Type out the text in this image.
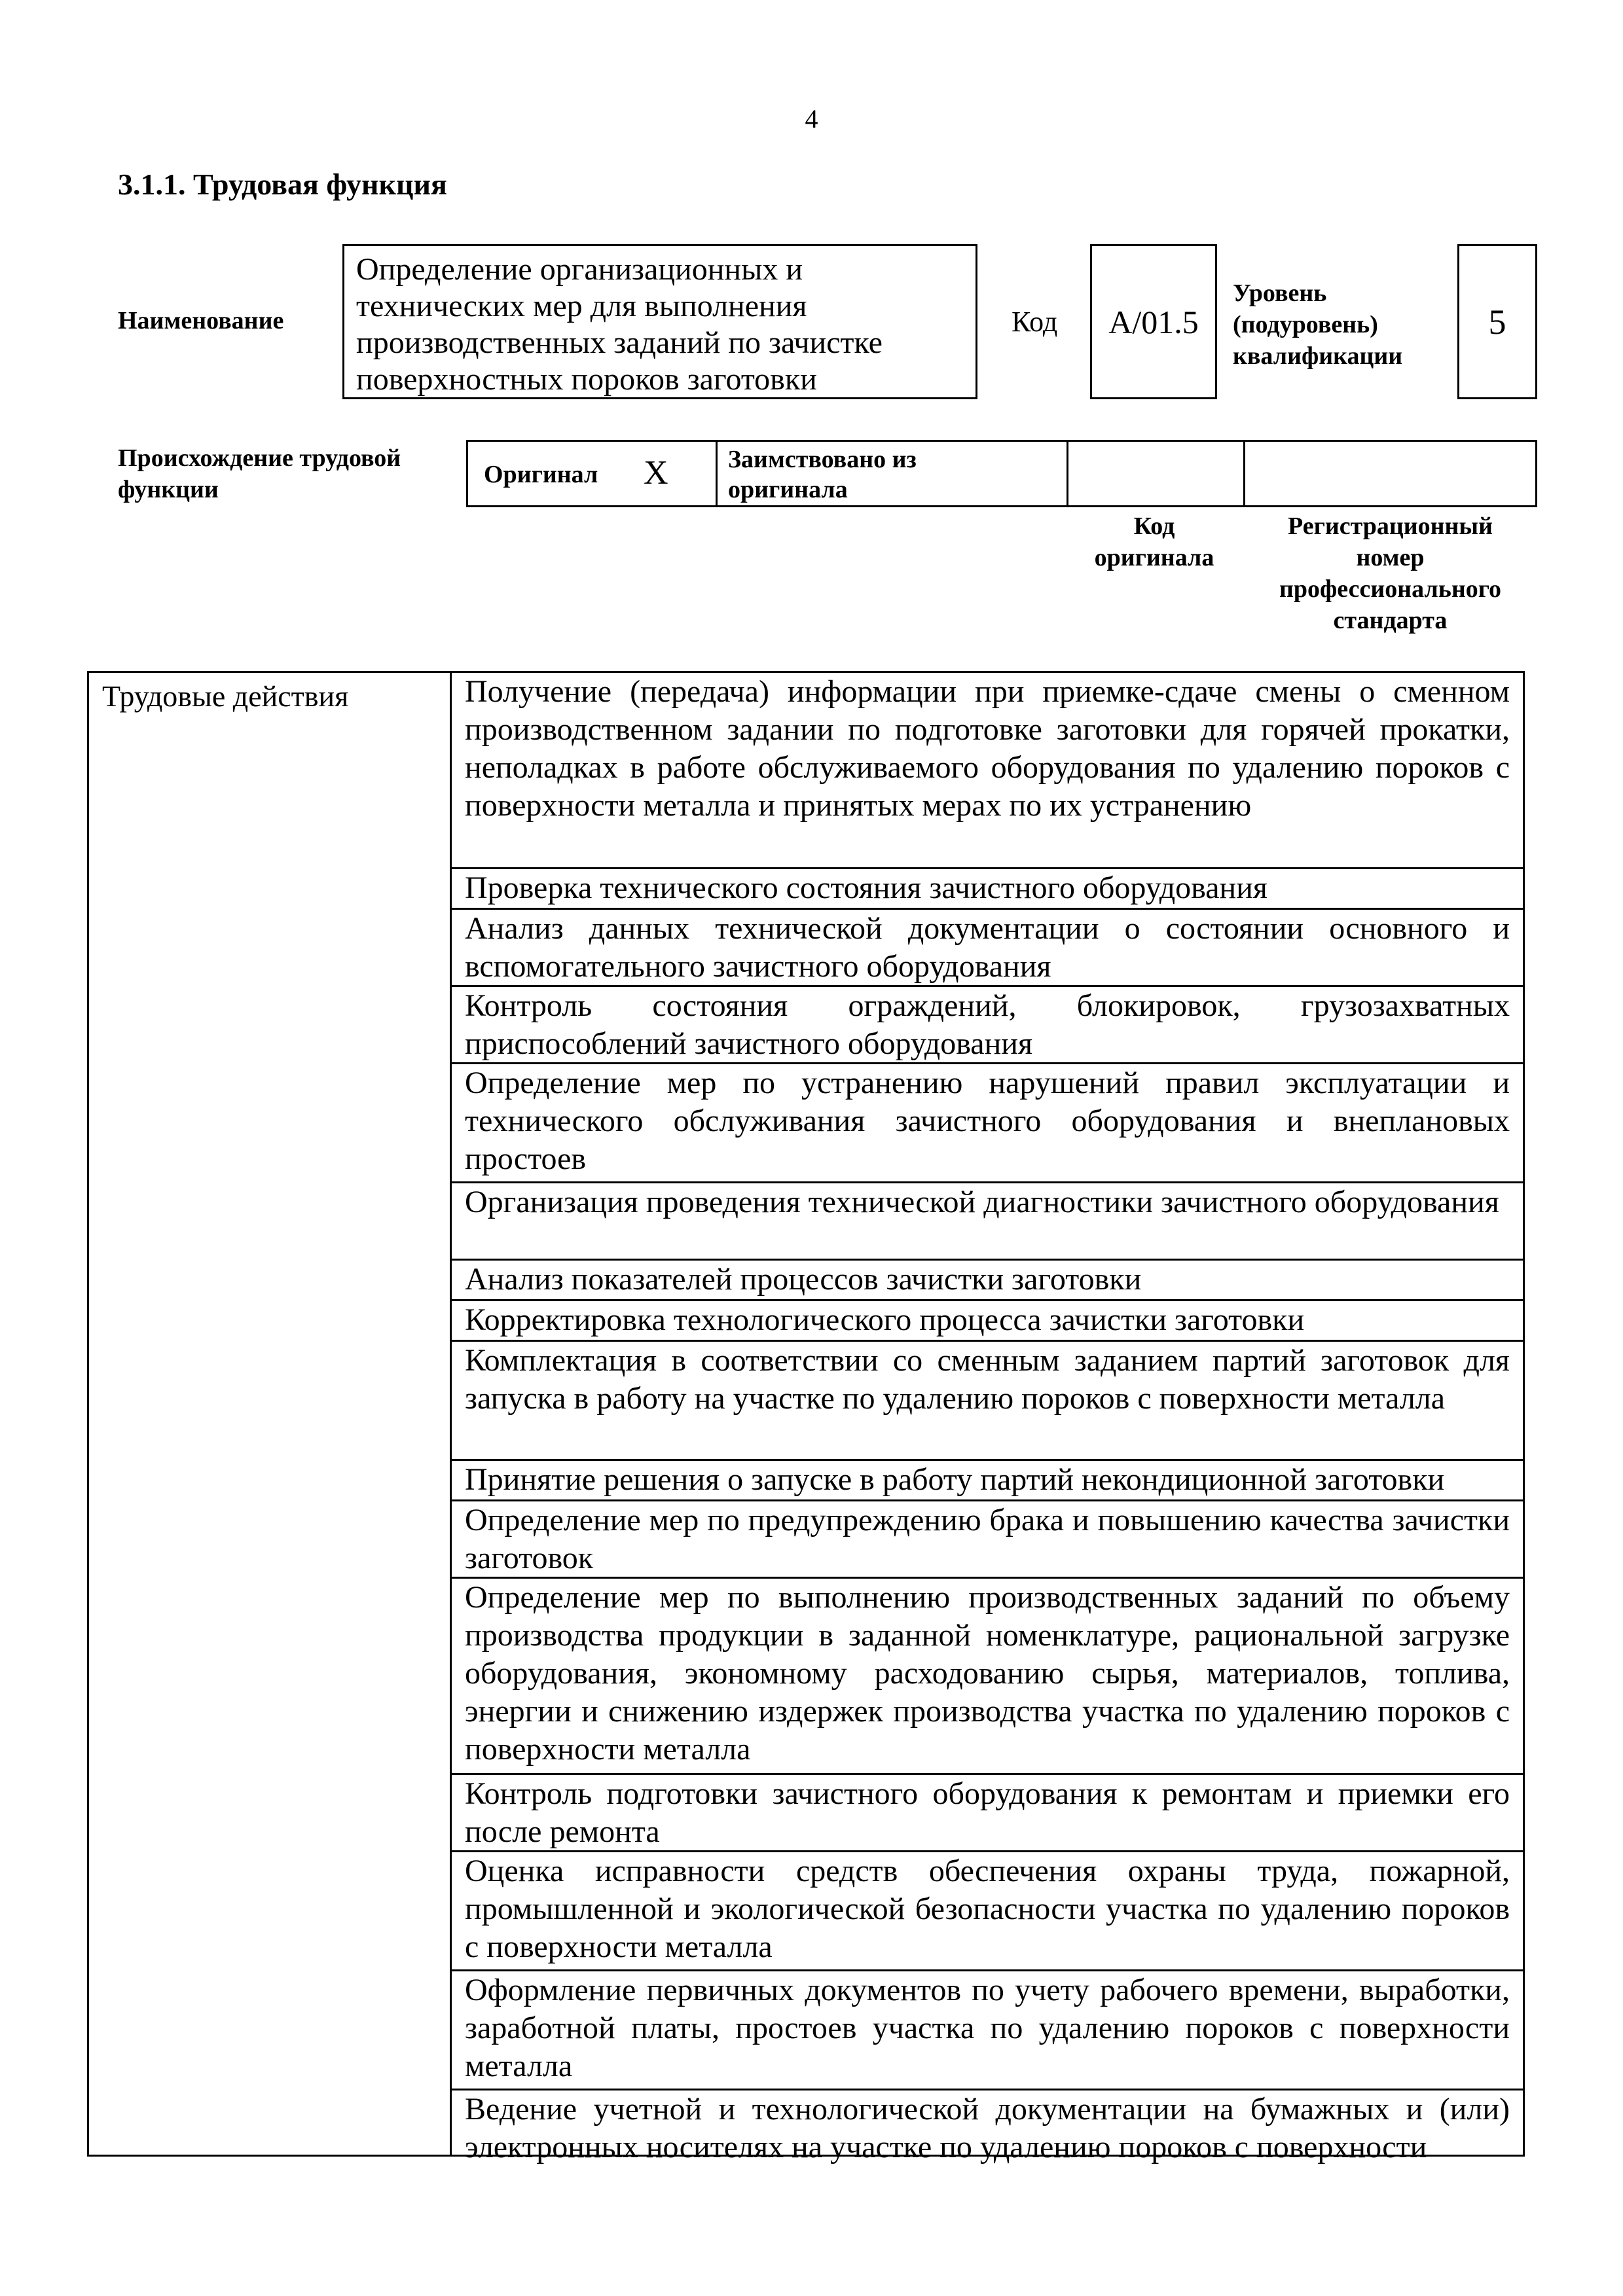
4
3.1.1. Трудовая функция
Наименование
Определение организационных и технических мер для выполнения производственных заданий по зачистке поверхностных пороков заготовки
Код A/01.5
Уровень
(подуровень)
квалификации
5
Происхождение трудовой
функции
Оригинал X Заимствовано из
оригинала
Код
оригинала
Регистрационный
номер
профессионального
стандарта
Трудовые действия	Получение (передача) информации при приемке-сдаче смены о сменном производственном задании по подготовке заготовки для горячей прокатки, неполадках в работе обслуживаемого оборудования по удалению пороков с поверхности металла и принятых мерах по их устранению
Проверка технического состояния зачистного оборудования
Анализ данных технической документации о состоянии основного и вспомогательного зачистного оборудования
Контроль состояния ограждений, блокировок, грузозахватных приспособлений зачистного оборудования
Определение мер по устранению нарушений правил эксплуатации и технического обслуживания зачистного оборудования и внеплановых простоев
Организация проведения технической диагностики зачистного оборудования
Анализ показателей процессов зачистки заготовки
Корректировка технологического процесса зачистки заготовки
Комплектация в соответствии со сменным заданием партий заготовок для запуска в работу на участке по удалению пороков с поверхности металла
Принятие решения о запуске в работу партий некондиционной заготовки
Определение мер по предупреждению брака и повышению качества зачистки заготовок
Определение мер по выполнению производственных заданий по объему производства продукции в заданной номенклатуре, рациональной загрузке оборудования, экономному расходованию сырья, материалов, топлива, энергии и снижению издержек производства участка по удалению пороков с поверхности металла
Контроль подготовки зачистного оборудования к ремонтам и приемки его после ремонта
Оценка исправности средств обеспечения охраны труда, пожарной, промышленной и экологической безопасности участка по удалению пороков с поверхности металла
Оформление первичных документов по учету рабочего времени, выработки, заработной платы, простоев участка по удалению пороков с поверхности металла
Ведение учетной и технологической документации на бумажных и (или) электронных носителях на участке по удалению пороков с поверхности
